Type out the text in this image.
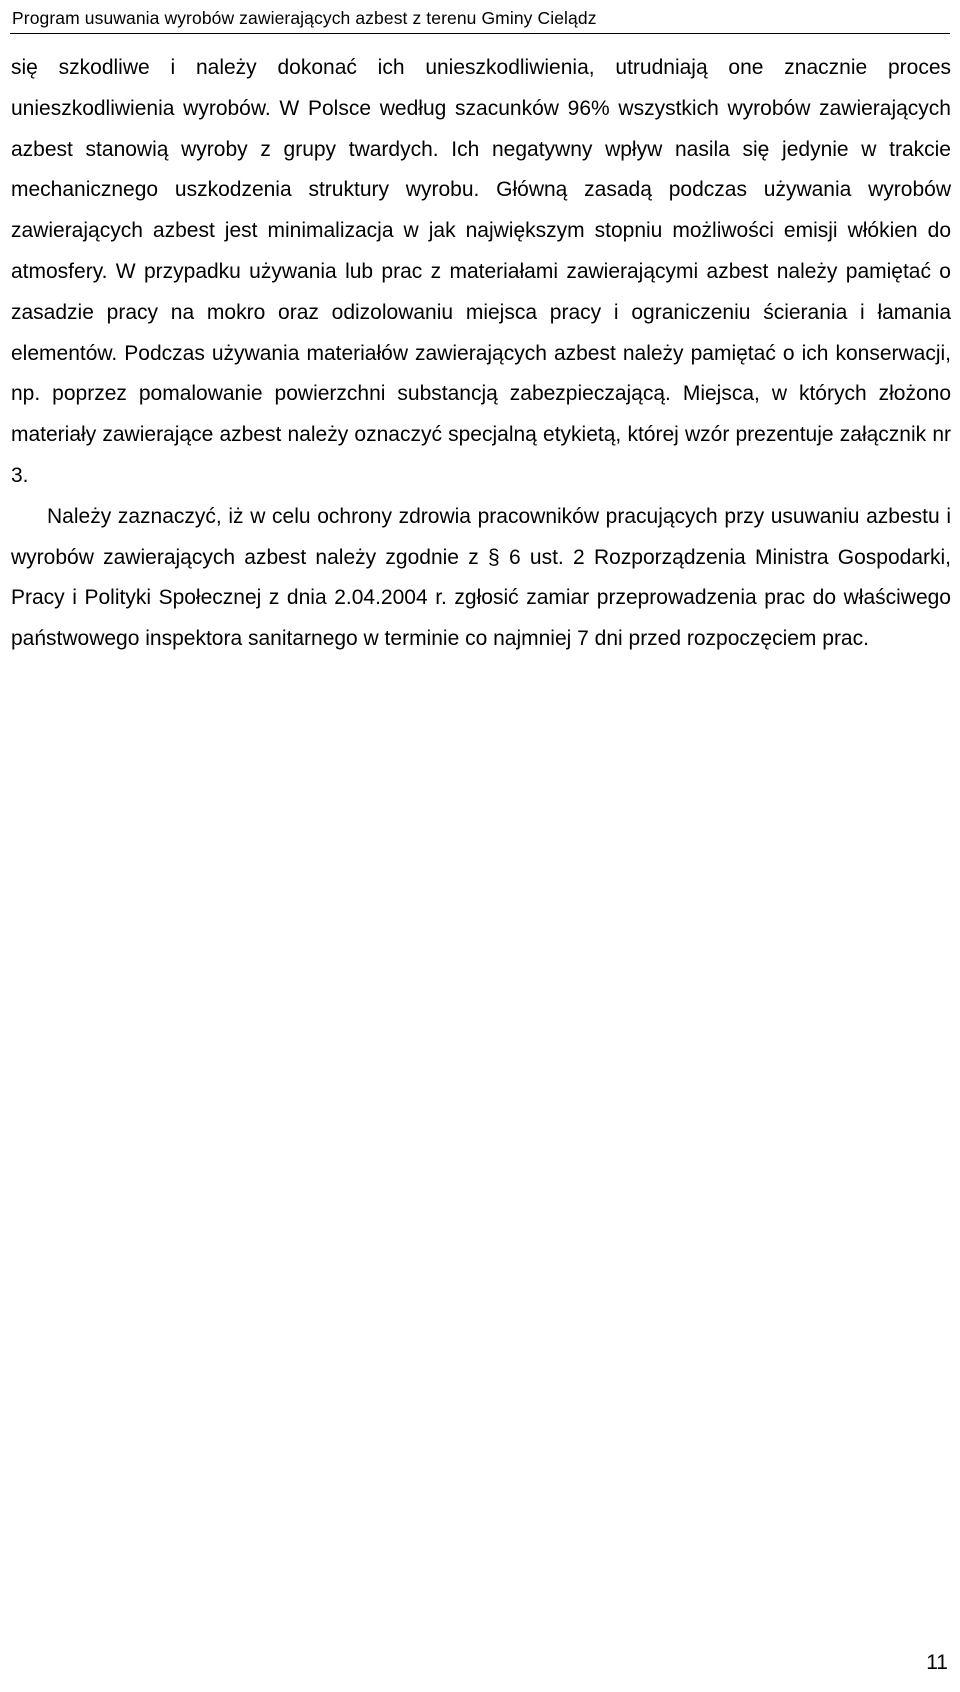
Program usuwania wyrobów zawierających azbest z terenu Gminy Cielądz

się szkodliwe i należy dokonać ich unieszkodliwienia, utrudniają one znacznie proces unieszkodliwienia wyrobów. W Polsce według szacunków 96% wszystkich wyrobów zawierających azbest stanowią wyroby z grupy twardych. Ich negatywny wpływ nasila się jedynie w trakcie mechanicznego uszkodzenia struktury wyrobu. Główną zasadą podczas używania wyrobów zawierających azbest jest minimalizacja w jak największym stopniu możliwości emisji włókien do atmosfery. W przypadku używania lub prac z materiałami zawierającymi azbest należy pamiętać o zasadzie pracy na mokro oraz odizolowaniu miejsca pracy i ograniczeniu ścierania i łamania elementów. Podczas używania materiałów zawierających azbest należy pamiętać o ich konserwacji, np. poprzez pomalowanie powierzchni substancją zabezpieczającą. Miejsca, w których złożono materiały zawierające azbest należy oznaczyć specjalną etykietą, której wzór prezentuje załącznik nr 3.

Należy zaznaczyć, iż w celu ochrony zdrowia pracowników pracujących przy usuwaniu azbestu i wyrobów zawierających azbest należy zgodnie z § 6 ust. 2 Rozporządzenia Ministra Gospodarki, Pracy i Polityki Społecznej z dnia 2.04.2004 r. zgłosić zamiar przeprowadzenia prac do właściwego państwowego inspektora sanitarnego w terminie co najmniej 7 dni przed rozpoczęciem prac.

11
